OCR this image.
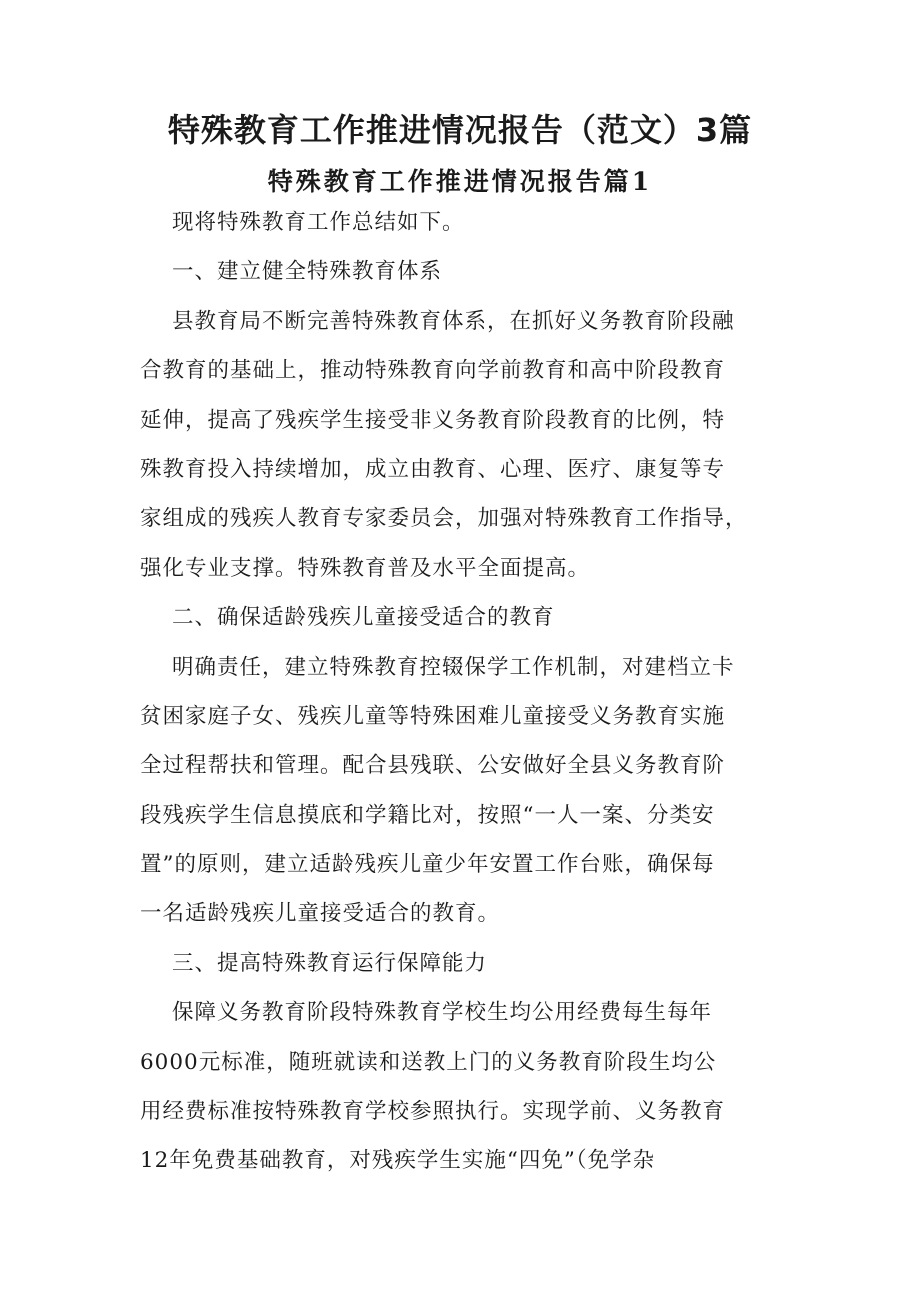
特殊教育工作推进情况报告（范文）3篇
特殊教育工作推进情况报告篇1
现将特殊教育工作总结如下。
一、建立健全特殊教育体系
县教育局不断完善特殊教育体系，在抓好义务教育阶段融
合教育的基础上，推动特殊教育向学前教育和高中阶段教育
延伸，提高了残疾学生接受非义务教育阶段教育的比例，特
殊教育投入持续增加，成立由教育、心理、医疗、康复等专
家组成的残疾人教育专家委员会，加强对特殊教育工作指导，
强化专业支撑。特殊教育普及水平全面提高。
二、确保适龄残疾儿童接受适合的教育
明确责任，建立特殊教育控辍保学工作机制，对建档立卡
贫困家庭子女、残疾儿童等特殊困难儿童接受义务教育实施
全过程帮扶和管理。配合县残联、公安做好全县义务教育阶
段残疾学生信息摸底和学籍比对，按照“一人一案、分类安
置”的原则，建立适龄残疾儿童少年安置工作台账，确保每
一名适龄残疾儿童接受适合的教育。
三、提高特殊教育运行保障能力
保障义务教育阶段特殊教育学校生均公用经费每生每年
6000元标准，随班就读和送教上门的义务教育阶段生均公
用经费标准按特殊教育学校参照执行。实现学前、义务教育
12年免费基础教育，对残疾学生实施“四免”（免学杂
